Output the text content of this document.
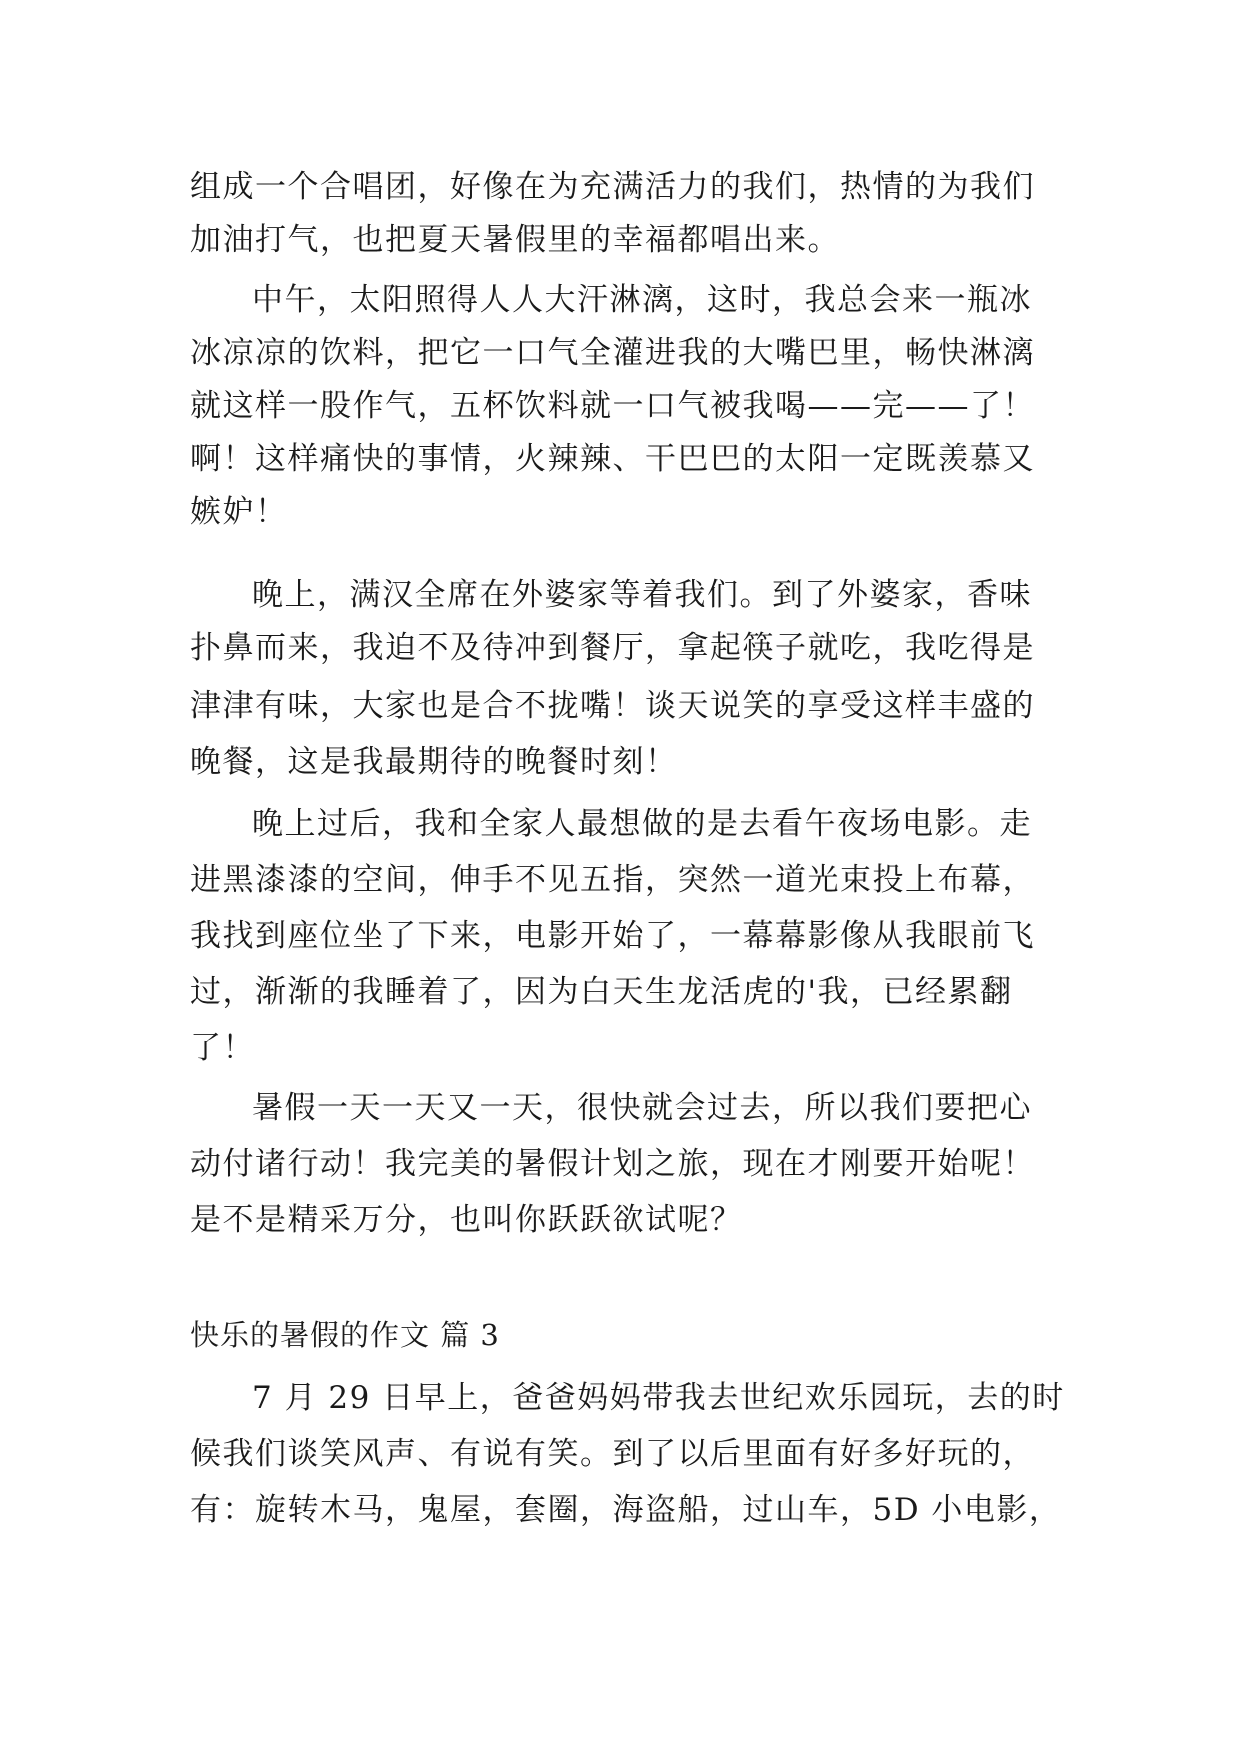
组成一个合唱团，好像在为充满活力的我们，热情的为我们
加油打气，也把夏天暑假里的幸福都唱出来。
中午，太阳照得人人大汗淋漓，这时，我总会来一瓶冰
冰凉凉的饮料，把它一口气全灌进我的大嘴巴里，畅快淋漓
就这样一股作气，五杯饮料就一口气被我喝——完——了！
啊！这样痛快的事情，火辣辣、干巴巴的太阳一定既羡慕又
嫉妒！
晚上，满汉全席在外婆家等着我们。到了外婆家，香味
扑鼻而来，我迫不及待冲到餐厅，拿起筷子就吃，我吃得是
津津有味，大家也是合不拢嘴！谈天说笑的享受这样丰盛的
晚餐，这是我最期待的晚餐时刻！
晚上过后，我和全家人最想做的是去看午夜场电影。走
进黑漆漆的空间，伸手不见五指，突然一道光束投上布幕，
我找到座位坐了下来，电影开始了，一幕幕影像从我眼前飞
过，渐渐的我睡着了，因为白天生龙活虎的'我，已经累翻
了！
暑假一天一天又一天，很快就会过去，所以我们要把心
动付诸行动！我完美的暑假计划之旅，现在才刚要开始呢！
是不是精采万分，也叫你跃跃欲试呢？
快乐的暑假的作文 篇 3
7 月 29 日早上，爸爸妈妈带我去世纪欢乐园玩，去的时
候我们谈笑风声、有说有笑。到了以后里面有好多好玩的，
有：旋转木马，鬼屋，套圈，海盗船，过山车，5D 小电影，
